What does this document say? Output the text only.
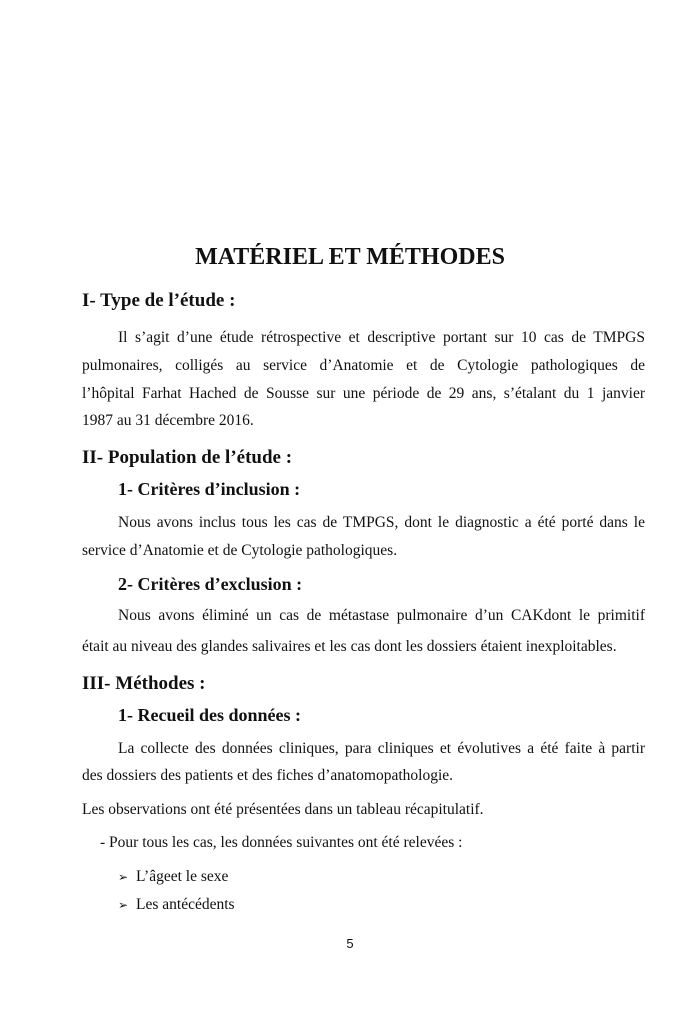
MATÉRIEL ET MÉTHODES
I- Type de l’étude :
Il s’agit d’une étude rétrospective et descriptive portant sur 10 cas de TMPGS
pulmonaires, colligés au service d’Anatomie et de Cytologie pathologiques de
l’hôpital Farhat Hached de Sousse sur une période de 29 ans, s’étalant du 1 janvier
1987 au 31 décembre 2016.
II- Population de l’étude :
1- Critères d’inclusion :
Nous avons inclus tous les cas de TMPGS, dont le diagnostic a été porté dans le
service d’Anatomie et de Cytologie pathologiques.
2- Critères d’exclusion :
Nous avons éliminé un cas de métastase pulmonaire d’un CAKdont le primitif
était au niveau des glandes salivaires et les cas dont les dossiers étaient inexploitables.
III- Méthodes :
1- Recueil des données :
La collecte des données cliniques, para cliniques et évolutives a été faite à partir
des dossiers des patients et des fiches d’anatomopathologie.
Les observations ont été présentées dans un tableau récapitulatif.
- Pour tous les cas, les données suivantes ont été relevées :
➢ L’âgeet le sexe
➢ Les antécédents
5
